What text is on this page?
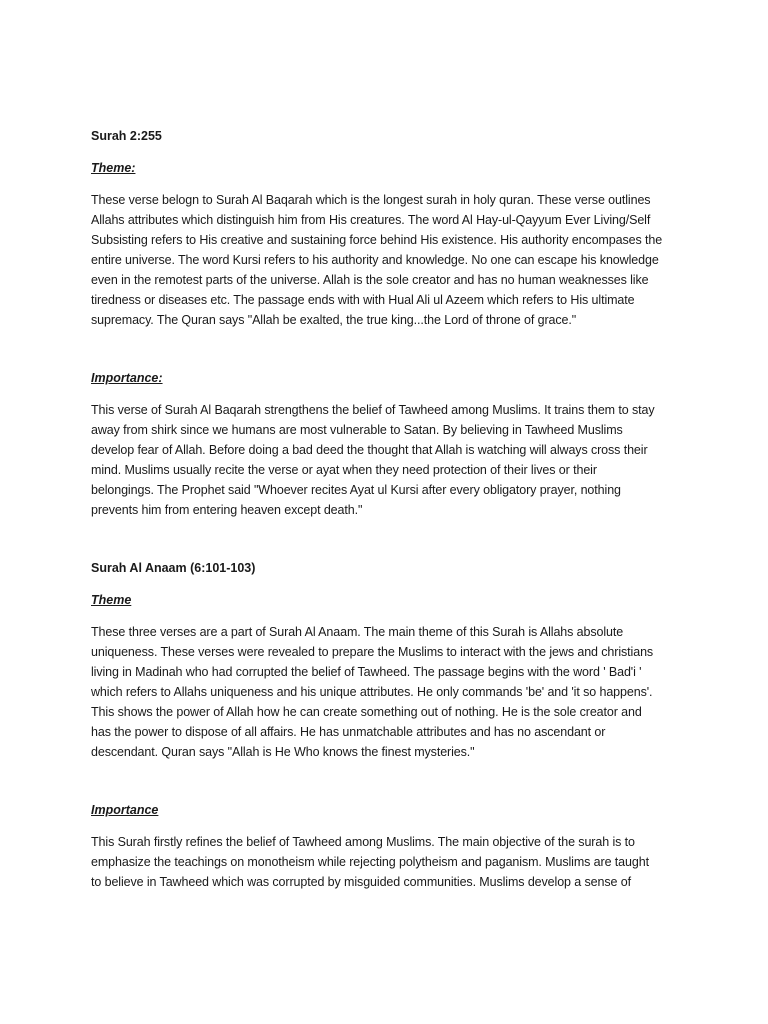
Surah 2:255

Theme:

These verse belogn to Surah Al Baqarah which is the longest surah in holy quran. These verse outlines
Allahs attributes which distinguish him from His creatures. The word Al Hay-ul-Qayyum Ever Living/Self
Subsisting refers to His creative and sustaining force behind His existence. His authority encompases the
entire universe. The word Kursi refers to his authority and knowledge. No one can escape his knowledge
even in the remotest parts of the universe. Allah is the sole creator and has no human weaknesses like
tiredness or diseases etc. The passage ends with with Hual Ali ul Azeem which refers to His ultimate
supremacy. The Quran says "Allah be exalted, the true king...the Lord of throne of grace."

Importance:

This verse of Surah Al Baqarah strengthens the belief of Tawheed among Muslims. It trains them to stay
away from shirk since we humans are most vulnerable to Satan. By believing in Tawheed Muslims
develop fear of Allah. Before doing a bad deed the thought that Allah is watching will always cross their
mind. Muslims usually recite the verse or ayat when they need protection of their lives or their
belongings. The Prophet said "Whoever recites Ayat ul Kursi after every obligatory prayer, nothing
prevents him from entering heaven except death."

Surah Al Anaam (6:101-103)

Theme

These three verses are a part of Surah Al Anaam. The main theme of this Surah is Allahs absolute
uniqueness. These verses were revealed to prepare the Muslims to interact with the jews and christians
living in Madinah who had corrupted the belief of Tawheed. The passage begins with the word ' Bad'i '
which refers to Allahs uniqueness and his unique attributes. He only commands 'be' and 'it so happens'.
This shows the power of Allah how he can create something out of nothing. He is the sole creator and
has the power to dispose of all affairs. He has unmatchable attributes and has no ascendant or
descendant. Quran says "Allah is He Who knows the finest mysteries."

Importance

This Surah firstly refines the belief of Tawheed among Muslims. The main objective of the surah is to
emphasize the teachings on monotheism while rejecting polytheism and paganism. Muslims are taught
to believe in Tawheed which was corrupted by misguided communities. Muslims develop a sense of
